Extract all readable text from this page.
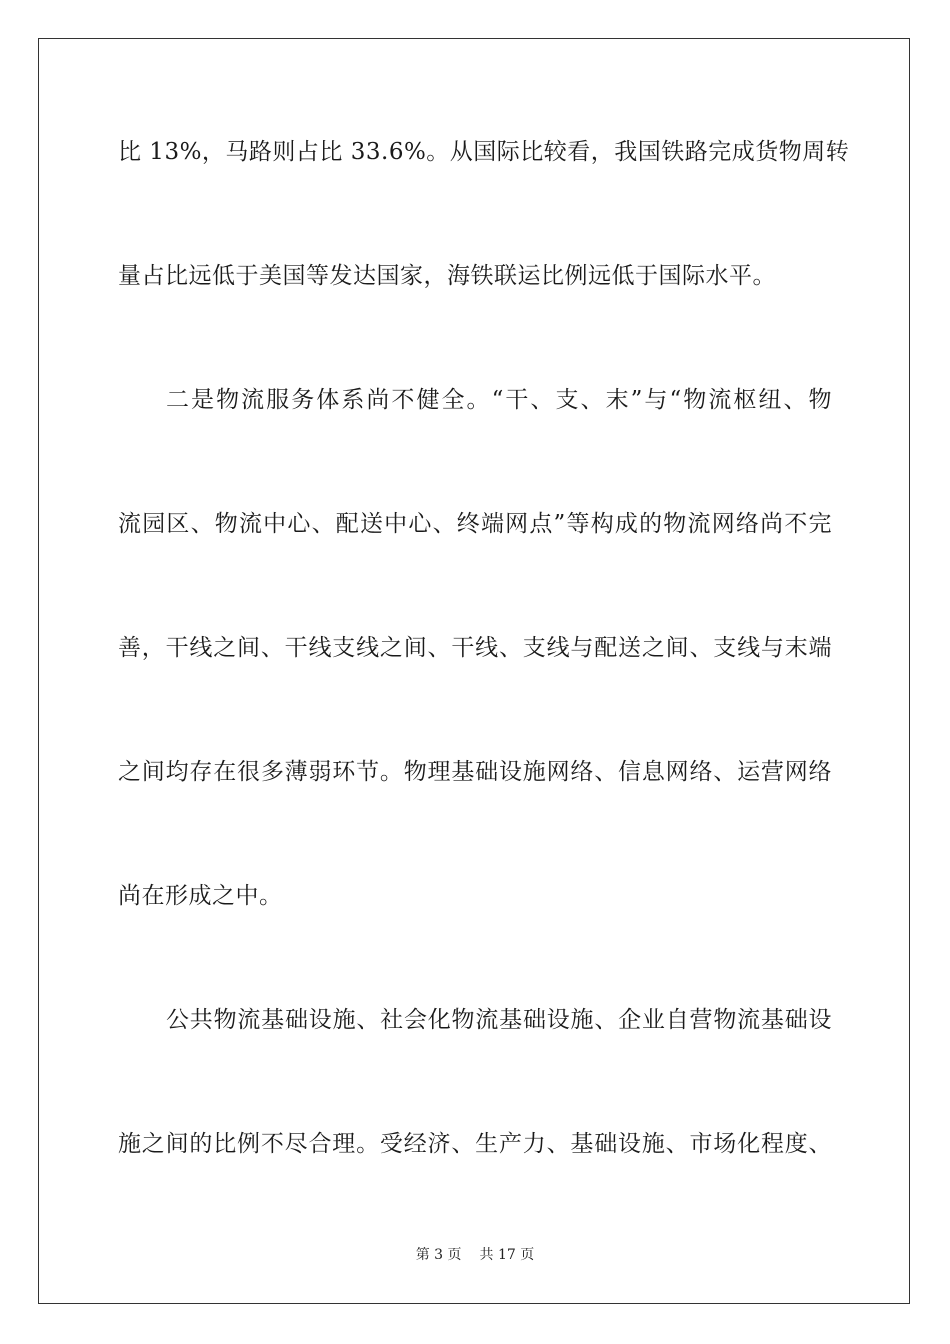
比 13%，马路则占比 33.6%。从国际比较看，我国铁路完成货物周转
量占比远低于美国等发达国家，海铁联运比例远低于国际水平。
二是物流服务体系尚不健全。“干、支、末”与“物流枢纽、物
流园区、物流中心、配送中心、终端网点”等构成的物流网络尚不完
善，干线之间、干线支线之间、干线、支线与配送之间、支线与末端
之间均存在很多薄弱环节。物理基础设施网络、信息网络、运营网络
尚在形成之中。
公共物流基础设施、社会化物流基础设施、企业自营物流基础设
施之间的比例不尽合理。受经济、生产力、基础设施、市场化程度、
第 3 页 共 17 页
